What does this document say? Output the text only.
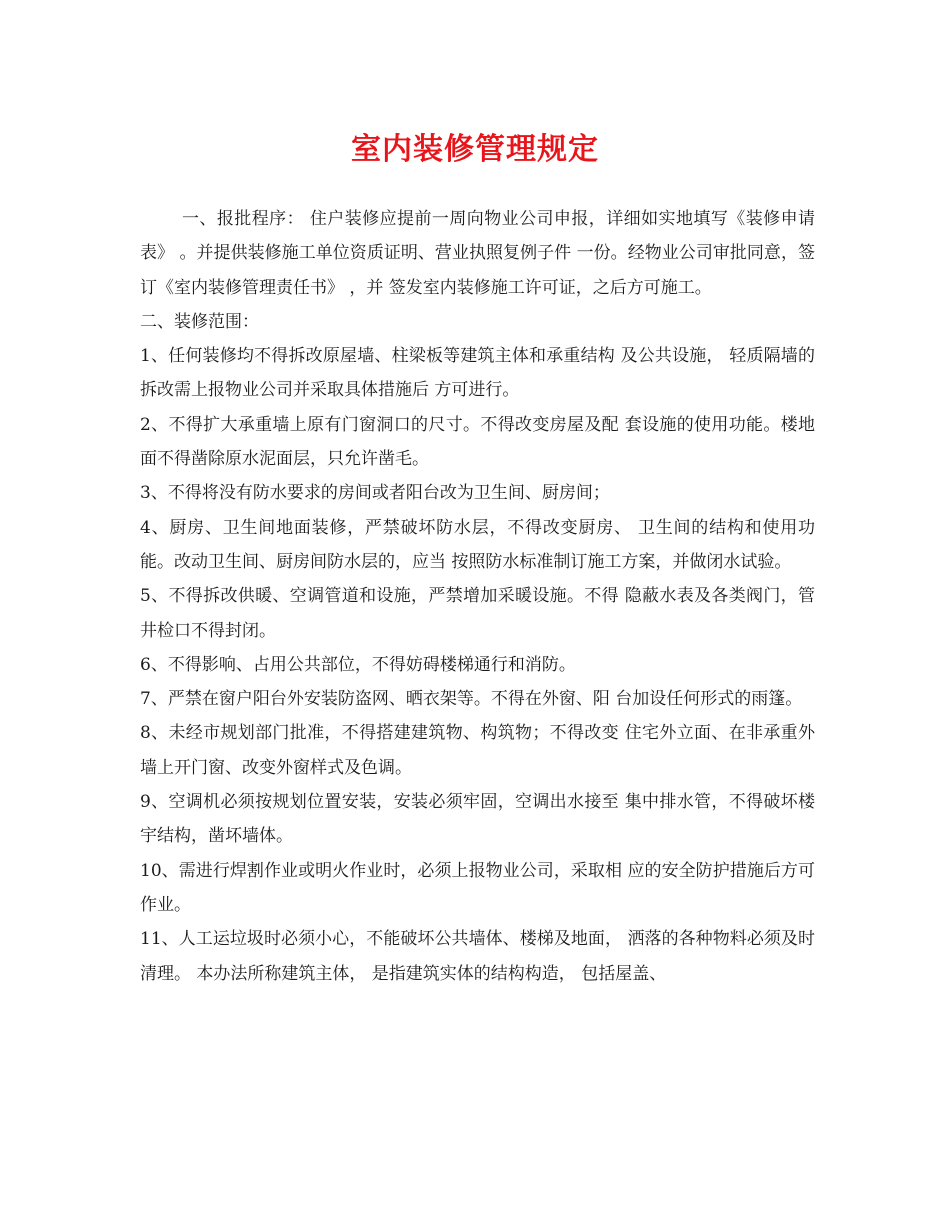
室内装修管理规定

一、报批程序： 住户装修应提前一周向物业公司申报，详细如实地填写《装修申请表》 。并提供装修施工单位资质证明、营业执照复例子件 一份。经物业公司审批同意，签订《室内装修管理责任书》 ，并 签发室内装修施工许可证，之后方可施工。

二、装修范围：

1、任何装修均不得拆改原屋墙、柱梁板等建筑主体和承重结构 及公共设施， 轻质隔墙的拆改需上报物业公司并采取具体措施后 方可进行。

2、不得扩大承重墙上原有门窗洞口的尺寸。不得改变房屋及配 套设施的使用功能。楼地面不得凿除原水泥面层，只允许凿毛。

3、不得将没有防水要求的房间或者阳台改为卫生间、厨房间；

4、厨房、卫生间地面装修，严禁破坏防水层，不得改变厨房、 卫生间的结构和使用功能。改动卫生间、厨房间防水层的，应当 按照防水标准制订施工方案，并做闭水试验。

5、不得拆改供暖、空调管道和设施，严禁增加采暖设施。不得 隐蔽水表及各类阀门，管井检口不得封闭。

6、不得影响、占用公共部位，不得妨碍楼梯通行和消防。

7、严禁在窗户阳台外安装防盗网、晒衣架等。不得在外窗、阳 台加设任何形式的雨篷。

8、未经市规划部门批准，不得搭建建筑物、构筑物；不得改变 住宅外立面、在非承重外墙上开门窗、改变外窗样式及色调。

9、空调机必须按规划位置安装，安装必须牢固，空调出水接至 集中排水管，不得破坏楼宇结构，凿坏墙体。

10、需进行焊割作业或明火作业时，必须上报物业公司，采取相 应的安全防护措施后方可作业。

11、人工运垃圾时必须小心，不能破坏公共墙体、楼梯及地面， 洒落的各种物料必须及时清理。 本办法所称建筑主体， 是指建筑实体的结构构造， 包括屋盖、
